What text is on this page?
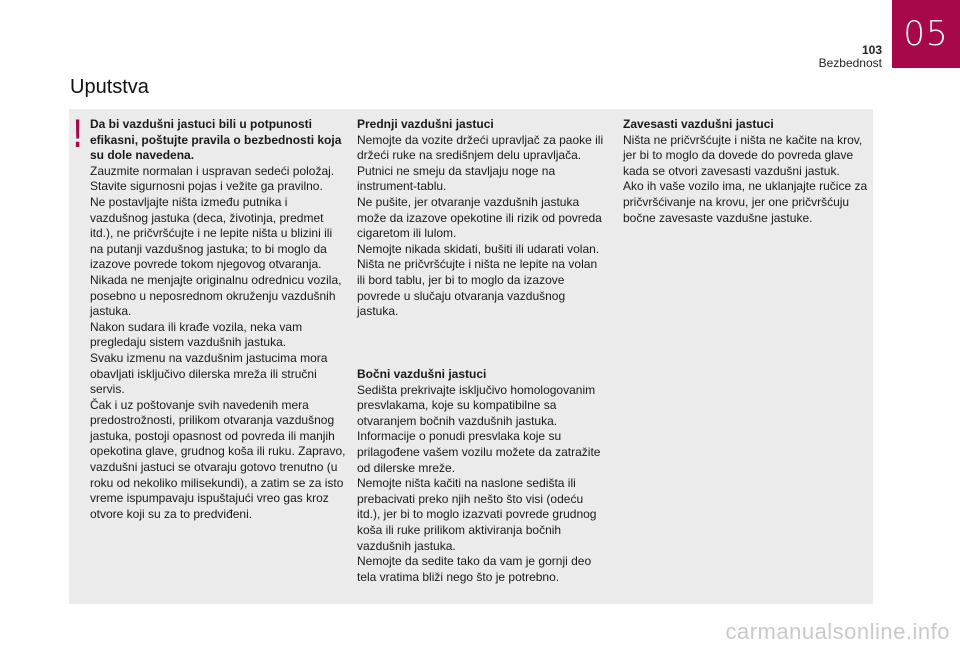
103
Bezbednost
05
Uputstva
! Da bi vazdušni jastuci bili u potpunosti efikasni, poštujte pravila o bezbednosti koja su dole navedena.

Zauzmite normalan i uspravan sedeći položaj.
Stavite sigurnosni pojas i vežite ga pravilno.
Ne postavljajte ništa između putnika i vazdušnog jastuka (deca, životinja, predmet itd.), ne pričvršćujte i ne lepite ništa u blizini ili na putanji vazdušnog jastuka; to bi moglo da izazove povrede tokom njegovog otvaranja.
Nikada ne menjajte originalnu odrednicu vozila, posebno u neposrednom okruženju vazdušnih jastuka.
Nakon sudara ili krađe vozila, neka vam pregledaju sistem vazdušnih jastuka.
Svaku izmenu na vazdušnim jastucima mora obavljati isključivo dilerska mreža ili stručni servis.
Čak i uz poštovanje svih navedenih mera predostrožnosti, prilikom otvaranja vazdušnog jastuka, postoji opasnost od povreda ili manjih opekotina glave, grudnog koša ili ruku. Zapravo, vazdušni jastuci se otvaraju gotovo trenutno (u roku od nekoliko milisekundi), a zatim se za isto vreme ispumpavaju ispuštajući vreo gas kroz otvore koji su za to predviđeni.

Prednji vazdušni jastuci

Nemojte da vozite držeći upravljač za paoke ili držeći ruke na središnjem delu upravljača.
Putnici ne smeju da stavljaju noge na instrument-tablu.
Ne pušite, jer otvaranje vazdušnih jastuka može da izazove opekotine ili rizik od povreda cigaretom ili lulom.
Nemojte nikada skidati, bušiti ili udarati volan.
Ništa ne pričvršćujte i ništa ne lepite na volan ili bord tablu, jer bi to moglo da izazove povrede u slučaju otvaranja vazdušnog jastuka.

Bočni vazdušni jastuci

Sedišta prekrivajte isključivo homologovanim presvlakama, koje su kompatibilne sa otvaranjem bočnih vazdušnih jastuka. Informacije o ponudi presvlaka koje su prilagođene vašem vozilu možete da zatražite od dilerske mreže.
Nemojte ništa kačiti na naslone sedišta ili prebacivati preko njih nešto što visi (odeću itd.), jer bi to moglo izazvati povrede grudnog koša ili ruke prilikom aktiviranja bočnih vazdušnih jastuka.
Nemojte da sedite tako da vam je gornji deo tela vratima bliži nego što je potrebno.

Zavesasti vazdušni jastuci

Ništa ne pričvršćujte i ništa ne kačite na krov, jer bi to moglo da dovede do povreda glave kada se otvori zavesasti vazdušni jastuk.
Ako ih vaše vozilo ima, ne uklanjajte ručice za pričvršćivanje na krovu, jer one pričvršćuju bočne zavesaste vazdušne jastuke.

carmanualsonline.info
